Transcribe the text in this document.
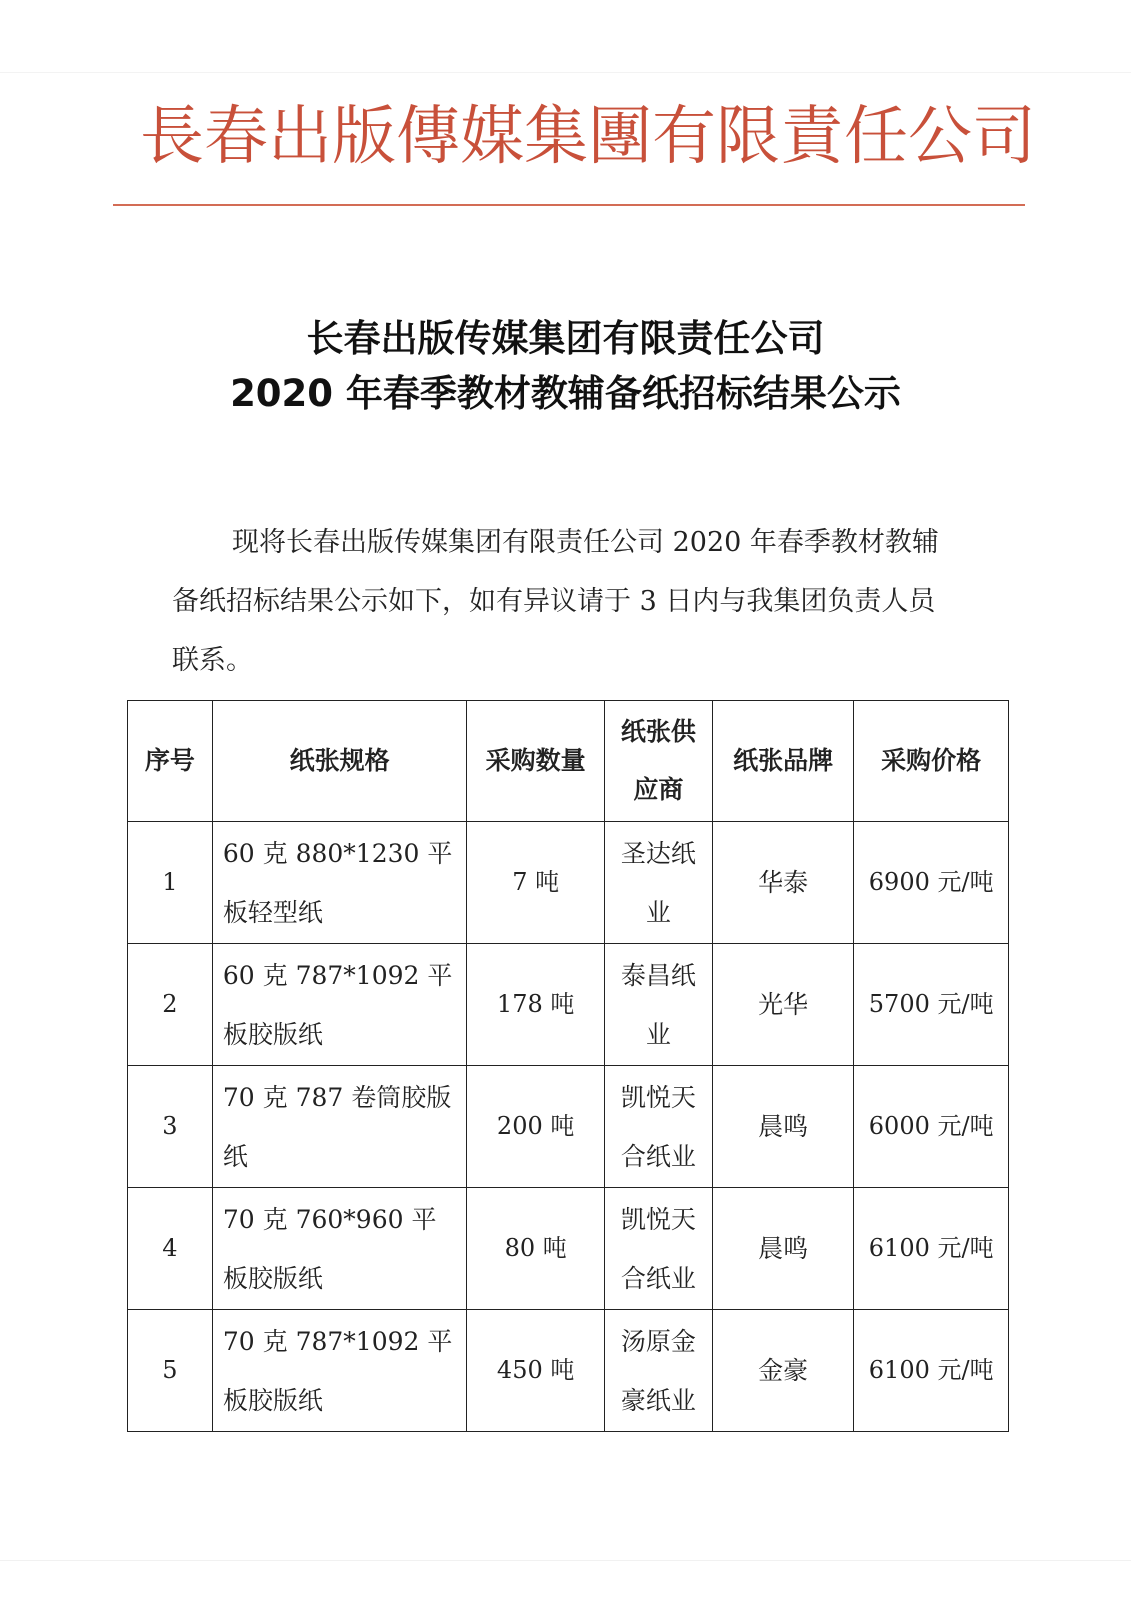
長 春 出 版 傳 媒 集 團 有 限 責 任 公 司
长春出版传媒集团有限责任公司
2020 年春季教材教辅备纸招标结果公示

现将长春出版传媒集团有限责任公司 2020 年春季教材教辅备纸招标结果公示如下，如有异议请于 3 日内与我集团负责人员联系。

序号	纸张规格	采购数量	纸张供应商	纸张品牌	采购价格
1	60 克 880*1230 平板轻型纸	7 吨	圣达纸业	华泰	6900 元/吨
2	60 克 787*1092 平板胶版纸	178 吨	泰昌纸业	光华	5700 元/吨
3	70 克 787 卷筒胶版纸	200 吨	凯悦天合纸业	晨鸣	6000 元/吨
4	70 克 760*960 平板胶版纸	80 吨	凯悦天合纸业	晨鸣	6100 元/吨
5	70 克 787*1092 平板胶版纸	450 吨	汤原金豪纸业	金豪	6100 元/吨
